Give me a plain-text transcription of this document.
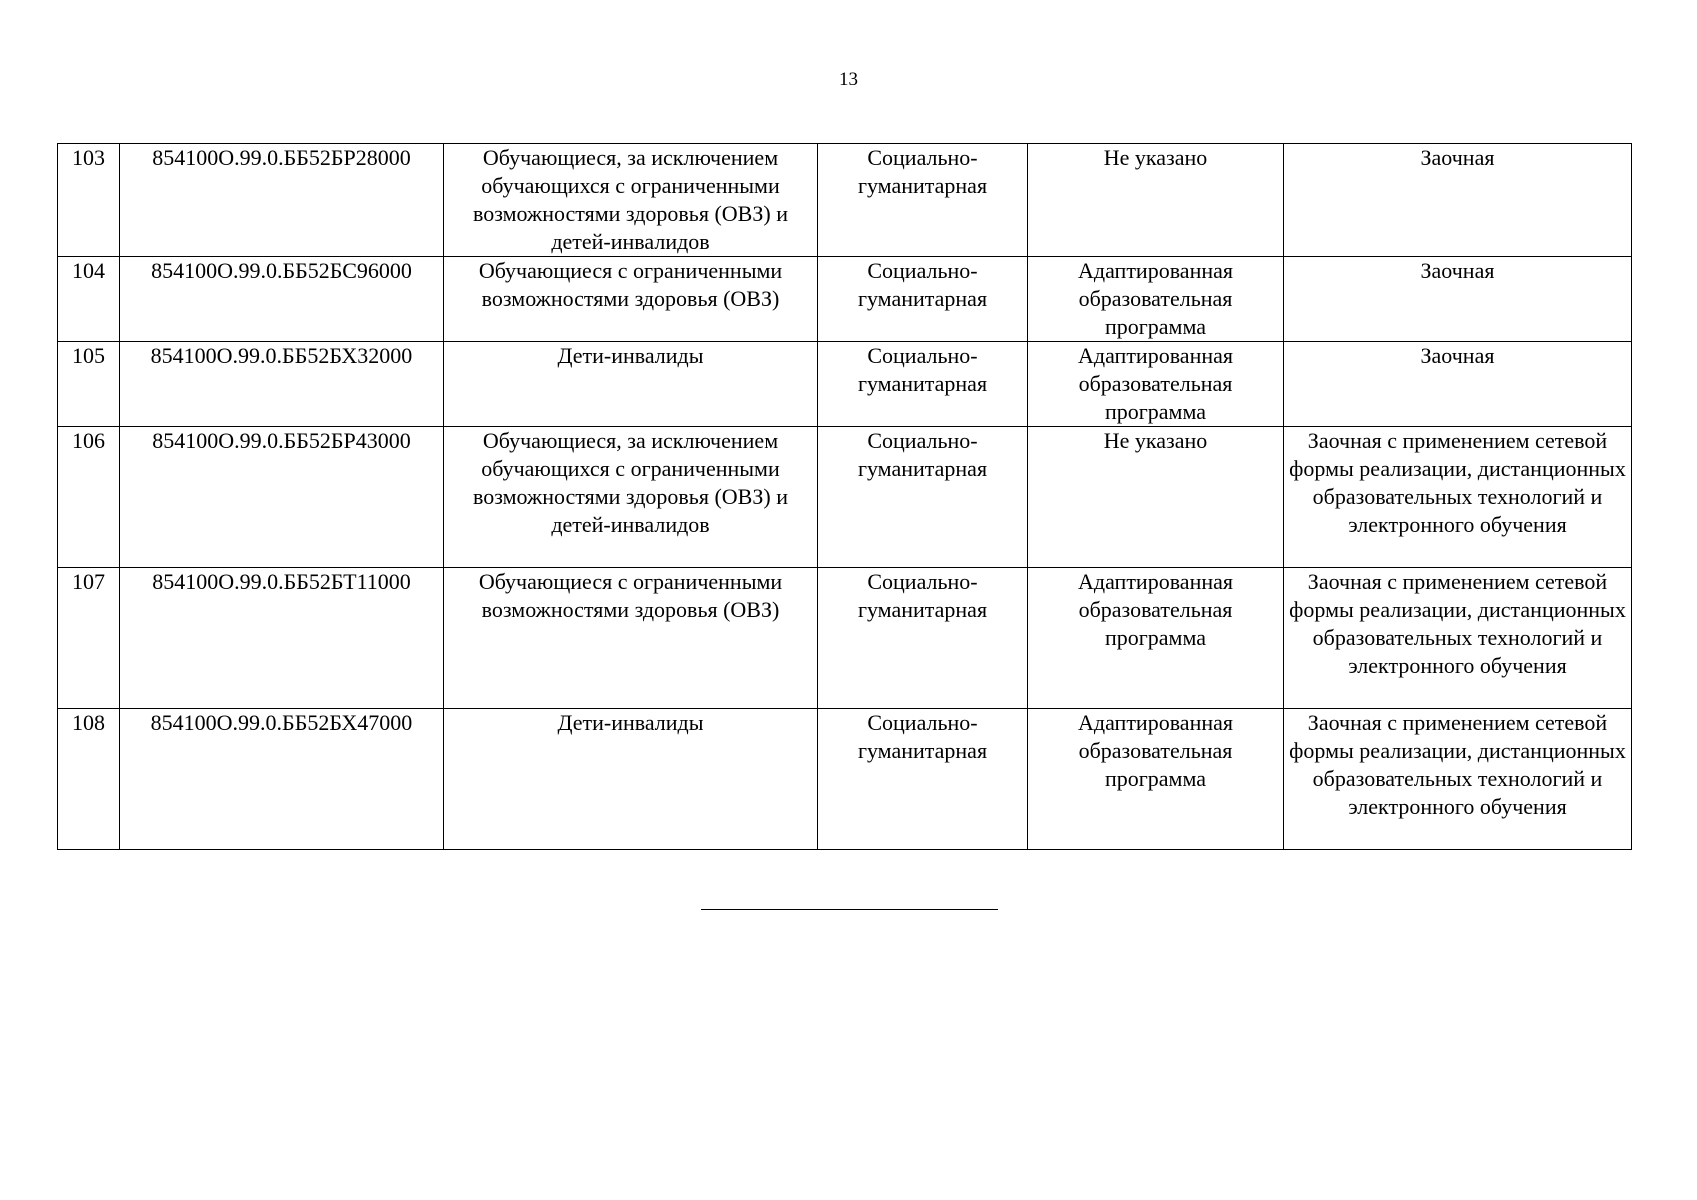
13
103	854100О.99.0.ББ52БР28000	Обучающиеся, за исключением обучающихся с ограниченными возможностями здоровья (ОВЗ) и детей-инвалидов	Социально-гуманитарная	Не указано	Заочная
104	854100О.99.0.ББ52БС96000	Обучающиеся с ограниченными возможностями здоровья (ОВЗ)	Социально-гуманитарная	Адаптированная образовательная программа	Заочная
105	854100О.99.0.ББ52БХ32000	Дети-инвалиды	Социально-гуманитарная	Адаптированная образовательная программа	Заочная
106	854100О.99.0.ББ52БР43000	Обучающиеся, за исключением обучающихся с ограниченными возможностями здоровья (ОВЗ) и детей-инвалидов	Социально-гуманитарная	Не указано	Заочная с применением сетевой формы реализации, дистанционных образовательных технологий и электронного обучения
107	854100О.99.0.ББ52БТ11000	Обучающиеся с ограниченными возможностями здоровья (ОВЗ)	Социально-гуманитарная	Адаптированная образовательная программа	Заочная с применением сетевой формы реализации, дистанционных образовательных технологий и электронного обучения
108	854100О.99.0.ББ52БХ47000	Дети-инвалиды	Социально-гуманитарная	Адаптированная образовательная программа	Заочная с применением сетевой формы реализации, дистанционных образовательных технологий и электронного обучения
